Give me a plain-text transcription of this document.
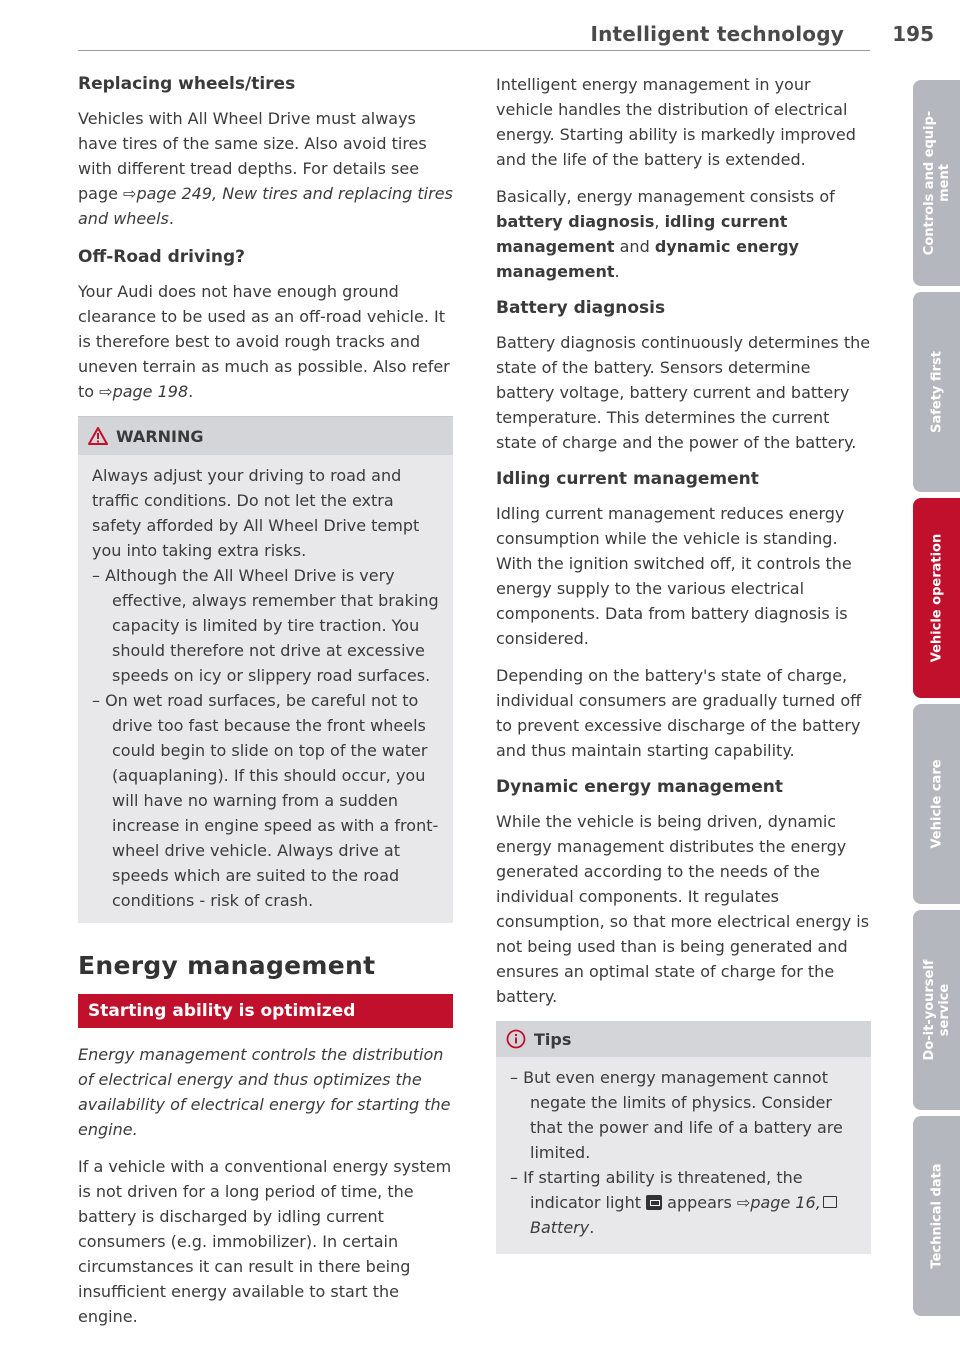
Intelligent technology 195
Replacing wheels/tires

Vehicles with All Wheel Drive must always have tires of the same size. Also avoid tires with different tread depths. For details see page ⇨page 249, New tires and replacing tires and wheels.

Off-Road driving?

Your Audi does not have enough ground clearance to be used as an off-road vehicle. It is therefore best to avoid rough tracks and uneven terrain as much as possible. Also refer to ⇨page 198.

WARNING

Always adjust your driving to road and traffic conditions. Do not let the extra safety afforded by All Wheel Drive tempt you into taking extra risks.

– Although the All Wheel Drive is very effective, always remember that braking capacity is limited by tire traction. You should therefore not drive at excessive speeds on icy or slippery road surfaces.
– On wet road surfaces, be careful not to drive too fast because the front wheels could begin to slide on top of the water (aquaplaning). If this should occur, you will have no warning from a sudden increase in engine speed as with a front-wheel drive vehicle. Always drive at speeds which are suited to the road conditions - risk of crash.
Energy management
Starting ability is optimized

Energy management controls the distribution of electrical energy and thus optimizes the availability of electrical energy for starting the engine.

If a vehicle with a conventional energy system is not driven for a long period of time, the battery is discharged by idling current consumers (e.g. immobilizer). In certain circumstances it can result in there being insufficient energy available to start the engine.

Intelligent energy management in your vehicle handles the distribution of electrical energy. Starting ability is markedly improved and the life of the battery is extended.

Basically, energy management consists of battery diagnosis, idling current management and dynamic energy management.

Battery diagnosis

Battery diagnosis continuously determines the state of the battery. Sensors determine battery voltage, battery current and battery temperature. This determines the current state of charge and the power of the battery.

Idling current management

Idling current management reduces energy consumption while the vehicle is standing. With the ignition switched off, it controls the energy supply to the various electrical components. Data from battery diagnosis is considered.

Depending on the battery's state of charge, individual consumers are gradually turned off to prevent excessive discharge of the battery and thus maintain starting capability.

Dynamic energy management

While the vehicle is being driven, dynamic energy management distributes the energy generated according to the needs of the individual components. It regulates consumption, so that more electrical energy is not being used than is being generated and ensures an optimal state of charge for the battery.

Tips
– But even energy management cannot negate the limits of physics. Consider that the power and life of a battery are limited.
– If starting ability is threatened, the indicator light  appears ⇨page 16, Battery.
Controls and equip-
ment
Safety first
Vehicle operation
Vehicle care
Do-it-yourself
service
Technical data
